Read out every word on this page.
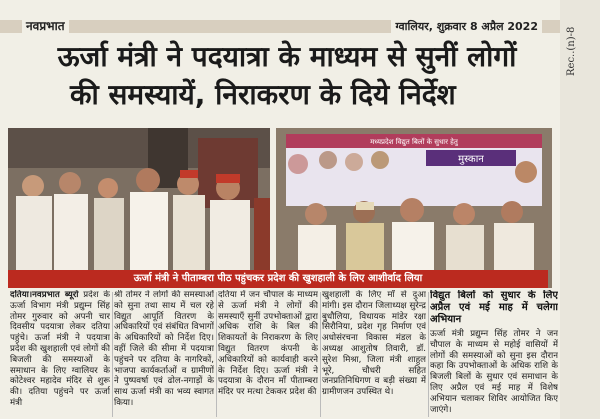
नवप्रभात	ग्वालियर, शुक्रवार 8 अप्रैल 2022
ऊर्जा मंत्री ने पदयात्रा के माध्यम से सुनीं लोगों
की समस्यायें, निराकरण के दिये निर्देश
मुस्कान
मध्यप्रदेश विद्युत बिलों के सुधार हेतु
ऊर्जा मंत्री ने पीताम्बरा पीठ पहुंचकर प्रदेश की खुशहाली के लिए आशीर्वाद लिया
दतिया।नवप्रभात ब्यूरो प्रदेश के ऊर्जा विभाग मंत्री प्रद्युम्न सिंह तोमर गुरुवार को अपनी चार दिवसीय पदयात्रा लेकर दतिया पहुंचे। ऊर्जा मंत्री ने पदयात्रा प्रदेश की खुशहाली एवं लोगों की बिजली की समस्याओं के समाधान के लिए ग्वालियर के कोटेश्वर महादेव मंदिर से शुरू की। दतिया पहुंचने पर ऊर्जा मंत्री
श्री तोमर ने लोगों की समस्याओं को सुना तथा साथ में चल रहे विद्युत आपूर्ति वितरण के अधिकारियों एवं संबंधित विभागों के अधिकारियों को निर्देश दिए। वहीं जिले की सीमा में पदयात्रा पहुंचने पर दतिया के नागरिकों, भाजपा कार्यकर्ताओं व ग्रामीणों ने पुष्पवर्षा एवं ढोल-नगाड़ों के साथ ऊर्जा मंत्री का भव्य स्वागत किया।
दतिया में जन चौपाल के माध्यम से ऊर्जा मंत्री ने लोगों की समस्याएँ सुनीं उपभोक्ताओं द्वारा अधिक राशि के बिल की शिकायतों के निराकरण के लिए विद्युत वितरण कंपनी के अधिकारियों को कार्यवाही करने के निर्देश दिए। ऊर्जा मंत्री ने पदयात्रा के दौरान माँ पीताम्बरा मंदिर पर मत्था टेककर प्रदेश की
खुशहाली के लिए माँ से दुआ मांगी। इस दौरान जिलाध्यक्ष सुरेन्द्र बुधौलिया, विधायक मांडेर रक्षा सिरौनिया, प्रदेश गृह निर्माण एवं अधोसंरचना विकास मंडल के अध्यक्ष आशुतोष तिवारी, डॉ. सुरेश मिश्रा, जिला मंत्री शाहुल भूरे, चौधरी सहित जनप्रतिनिधिगण व बड़ी संख्या में ग्रामीणजन उपस्थित थे।
विद्युत बिलों को सुधार के लिए अप्रैल एवं मई माह में चलेगा अभियान
ऊर्जा मंत्री प्रद्युम्न सिंह तोमर ने जन चौपाल के माध्यम से महोई वासियों में लोगों की समस्याओं को सुना इस दौरान कहा कि उपभोक्ताओं के अधिक राशि के बिजली बिलों के सुधार एवं समाधान के लिए अप्रैल एवं मई माह में विशेष अभियान चलाकर शिविर आयोजित किए जाएंगे।
Rec..(n)-8
